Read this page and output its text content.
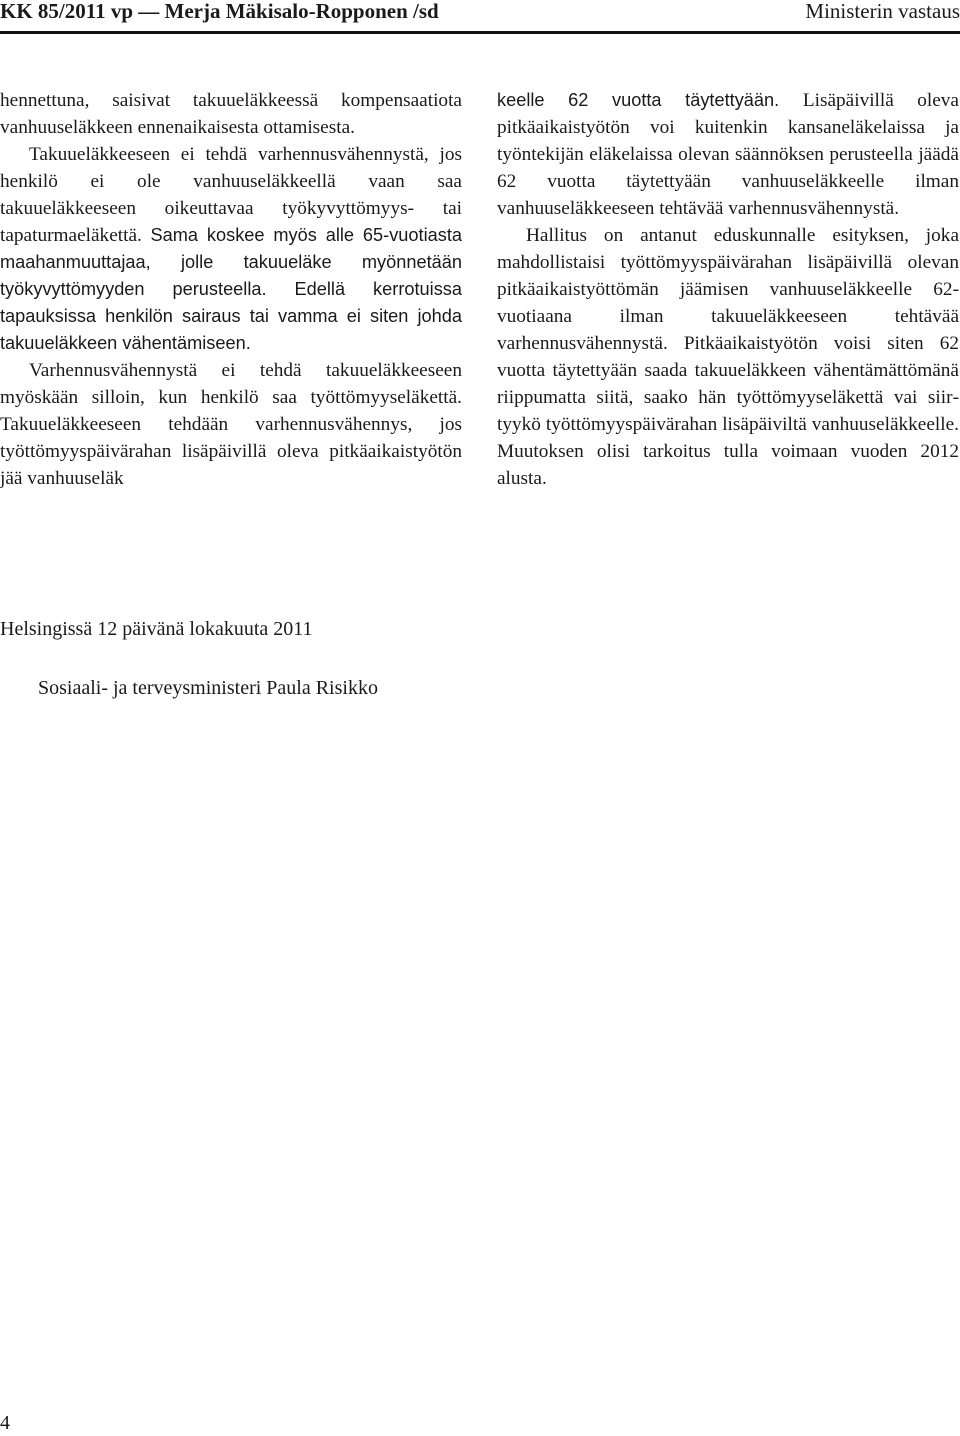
KK 85/2011 vp — Merja Mäkisalo-Ropponen /sd	Ministerin vastaus

hennettuna, saisivat takuueläkkeessä kompensaatiota vanhuuseläkkeen ennenaikaisesta ottamisesta.

Takuueläkkeeseen ei tehdä varhennusvähennystä, jos henkilö ei ole vanhuuseläkkeellä vaan saa takuueläkkeeseen oikeuttavaa työkyvyttömyys- tai tapaturmaeläkettä. Sama koskee myös alle 65-vuotiasta maahanmuuttajaa, jolle takuueläke myönnetään työkyvyttömyyden perusteella. Edellä kerrotuissa tapauksissa henkilön sairaus tai vamma ei siten johda takuueläkkeen vähentämiseen.

Varhennusvähennystä ei tehdä takuueläkkeeseen myöskään silloin, kun henkilö saa työttömyyseläkettä. Takuueläkkeeseen tehdään varhennusvähennys, jos työttömyyspäivärahan lisäpäivillä oleva pitkäaikaistyötön jää vanhuuseläk

keelle 62 vuotta täytettyään. Lisäpäivillä oleva pitkäaikaistyötön voi kuitenkin kansaneläkelaissa ja työntekijän eläkelaissa olevan säännöksen perusteella jäädä 62 vuotta täytettyään vanhuuseläkkeelle ilman vanhuuseläkkeeseen tehtävää varhennusvähennystä.

Hallitus on antanut eduskunnalle esityksen, joka mahdollistaisi työttömyyspäivärahan lisäpäivillä olevan pitkäaikaistyöttömän jäämisen vanhuuseläkkeelle 62-vuotiaana ilman takuueläkkeeseen tehtävää varhennusvähennystä. Pitkäaikaistyötön voisi siten 62 vuotta täytettyään saada takuueläkkeen vähentämättömänä riippumatta siitä, saako hän työttömyyseläkettä vai siirtyykö työttömyyspäivärahan lisäpäiviltä vanhuuseläkkeelle. Muutoksen olisi tarkoitus tulla voimaan vuoden 2012 alusta.

Helsingissä 12 päivänä lokakuuta 2011
Sosiaali- ja terveysministeri Paula Risikko
4
